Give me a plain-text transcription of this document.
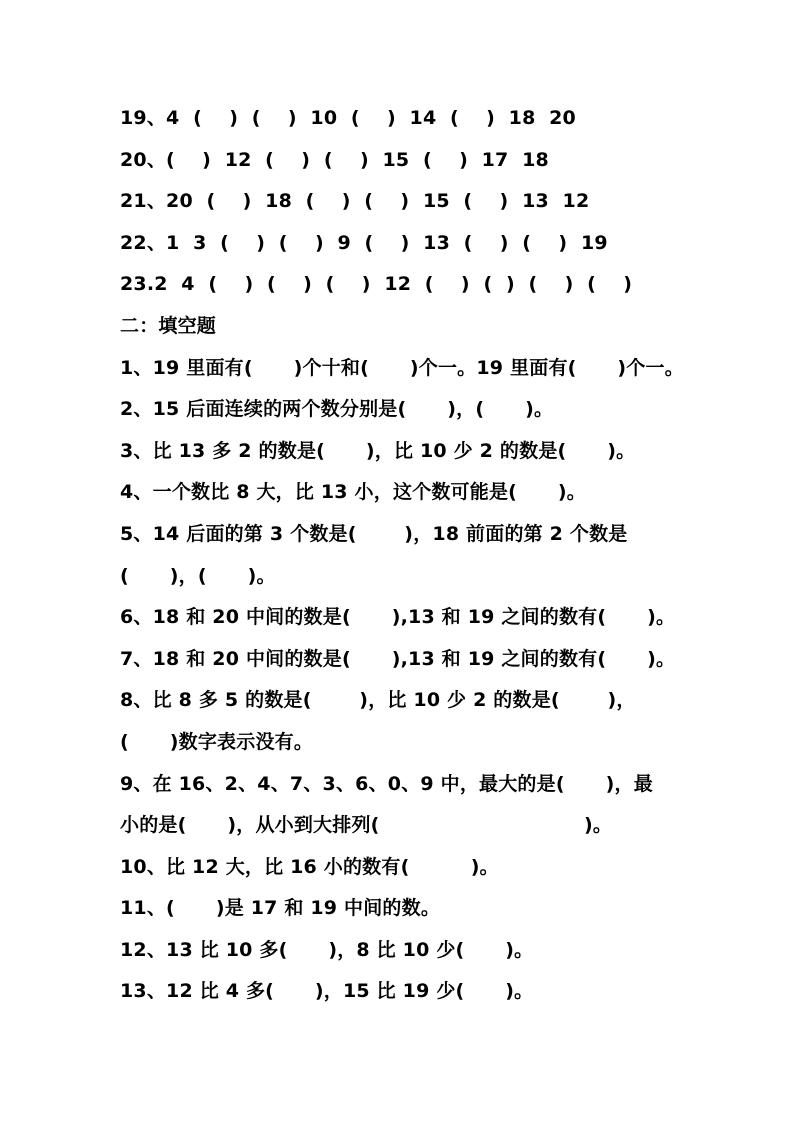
19、4  (    )  (    )  10  (    )  14  (    )  18  20
20、(    )  12  (    )  (    )  15  (    )  17  18
21、20  (    )  18  (    )  (    )  15  (    )  13  12
22、1  3  (    )  (    )  9  (    )  13  (    )  (    )  19
23.2  4  (    )  (    )  (    )  12  (    )  (  )  (    )  (    )
二：填空题
1、19 里面有(      )个十和(      )个一。19 里面有(      )个一。
2、15 后面连续的两个数分别是(      )，(      )。
3、比 13 多 2 的数是(      )，比 10 少 2 的数是(      )。
4、一个数比 8 大，比 13 小，这个数可能是(      )。
5、14 后面的第 3 个数是(       )，18 前面的第 2 个数是
(      )，(      )。
6、18 和 20 中间的数是(      ),13 和 19 之间的数有(      )。
7、18 和 20 中间的数是(      ),13 和 19 之间的数有(      )。
8、比 8 多 5 的数是(       )，比 10 少 2 的数是(       )，
(      )数字表示没有。
9、在 16、2、4、7、3、6、0、9 中，最大的是(      )，最
小的是(      )，从小到大排列(                              )。
10、比 12 大，比 16 小的数有(         )。
11、(      )是 17 和 19 中间的数。
12、13 比 10 多(      )，8 比 10 少(      )。
13、12 比 4 多(      )，15 比 19 少(      )。
